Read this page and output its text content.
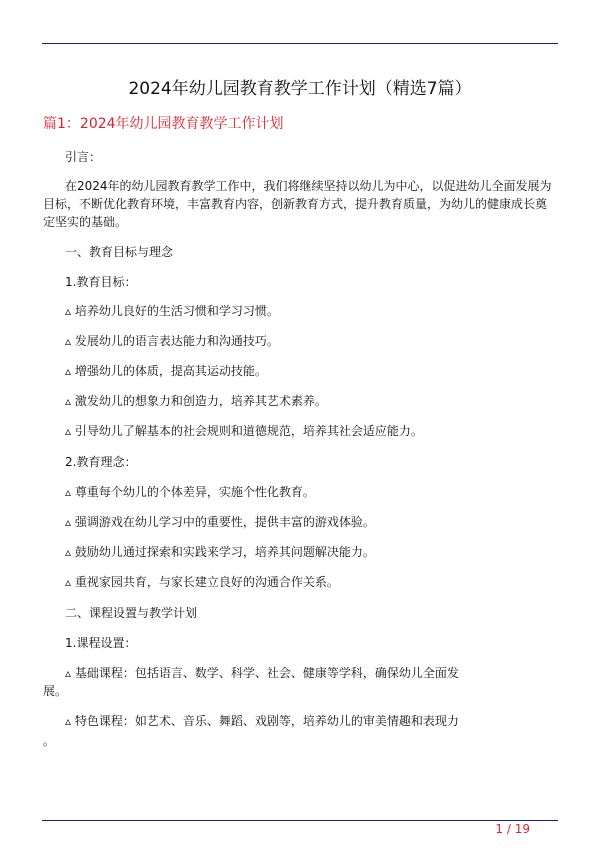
2024年幼儿园教育教学工作计划（精选7篇）
篇1：2024年幼儿园教育教学工作计划
引言：
在2024年的幼儿园教育教学工作中，我们将继续坚持以幼儿为中心，以促进幼儿全面发展为目标，不断优化教育环境，丰富教育内容，创新教育方式，提升教育质量，为幼儿的健康成长奠定坚实的基础。
一、教育目标与理念
1.教育目标：
▵ 培养幼儿良好的生活习惯和学习习惯。
▵ 发展幼儿的语言表达能力和沟通技巧。
▵ 增强幼儿的体质，提高其运动技能。
▵ 激发幼儿的想象力和创造力，培养其艺术素养。
▵ 引导幼儿了解基本的社会规则和道德规范，培养其社会适应能力。
2.教育理念：
▵ 尊重每个幼儿的个体差异，实施个性化教育。
▵ 强调游戏在幼儿学习中的重要性，提供丰富的游戏体验。
▵ 鼓励幼儿通过探索和实践来学习，培养其问题解决能力。
▵ 重视家园共育，与家长建立良好的沟通合作关系。
二、课程设置与教学计划
1.课程设置：
▵ 基础课程：包括语言、数学、科学、社会、健康等学科，确保幼儿全面发
展。
▵ 特色课程：如艺术、音乐、舞蹈、戏剧等，培养幼儿的审美情趣和表现力
。
1 / 19
